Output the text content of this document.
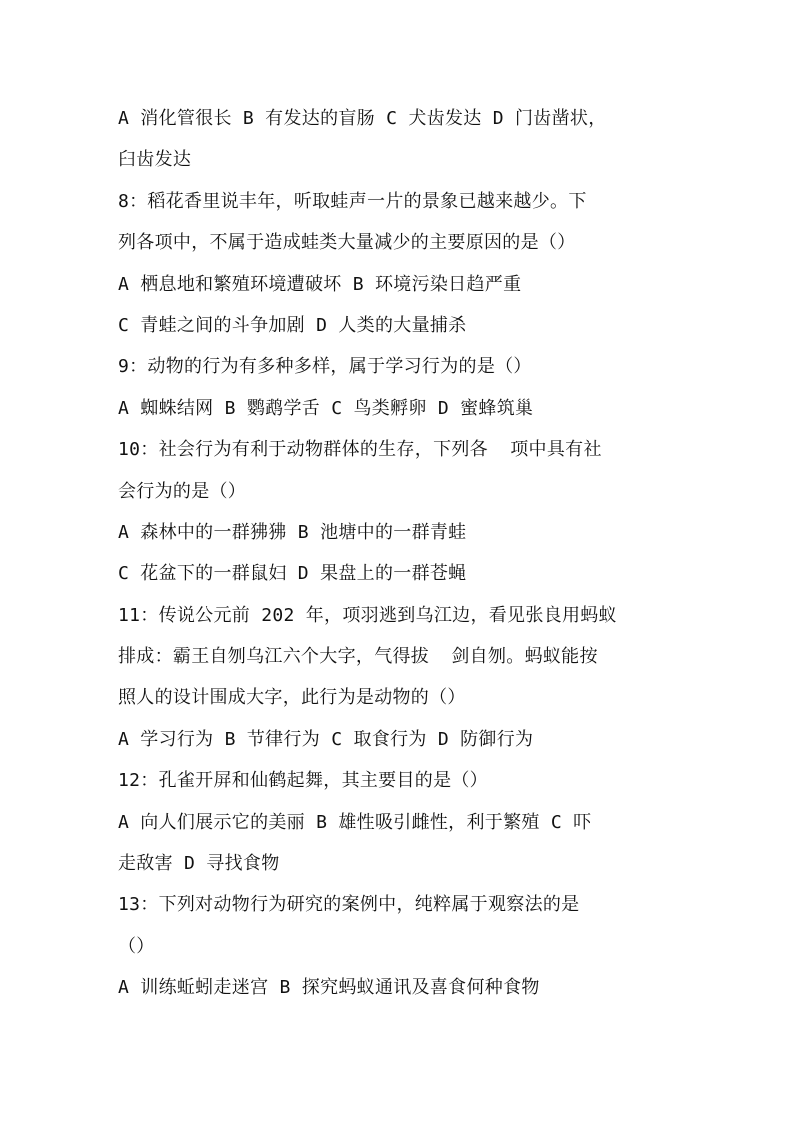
A 消化管很长 B 有发达的盲肠 C 犬齿发达 D 门齿凿状，
臼齿发达
8：稻花香里说丰年，听取蛙声一片的景象已越来越少。下
列各项中，不属于造成蛙类大量减少的主要原因的是（）
A 栖息地和繁殖环境遭破坏 B 环境污染日趋严重
C 青蛙之间的斗争加剧 D 人类的大量捕杀
9：动物的行为有多种多样，属于学习行为的是（）
A 蜘蛛结网 B 鹦鹉学舌 C 鸟类孵卵 D 蜜蜂筑巢
10：社会行为有利于动物群体的生存，下列各  项中具有社
会行为的是（）
A 森林中的一群狒狒 B 池塘中的一群青蛙
C 花盆下的一群鼠妇 D 果盘上的一群苍蝇
11：传说公元前 202 年，项羽逃到乌江边，看见张良用蚂蚁
排成：霸王自刎乌江六个大字，气得拔  剑自刎。蚂蚁能按
照人的设计围成大字，此行为是动物的（）
A 学习行为 B 节律行为 C 取食行为 D 防御行为
12：孔雀开屏和仙鹤起舞，其主要目的是（）
A 向人们展示它的美丽 B 雄性吸引雌性，利于繁殖 C 吓
走敌害 D 寻找食物
13：下列对动物行为研究的案例中，纯粹属于观察法的是
（）
A 训练蚯蚓走迷宫 B 探究蚂蚁通讯及喜食何种食物
